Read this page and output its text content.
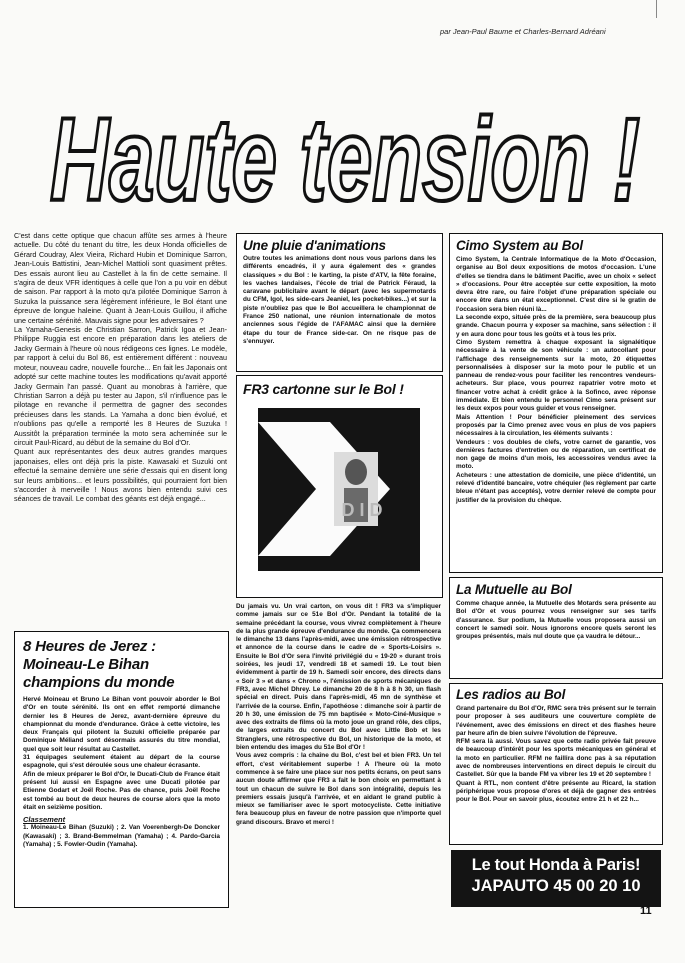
par Jean-Paul Baume et Charles-Bernard Adréani
Haute tension !

C'est dans cette optique que chacun affûte ses armes à l'heure actuelle. Du côté du tenant du titre, les deux Honda officielles de Gérard Coudray, Alex Vieira, Richard Hubin et Dominique Sarron, Jean-Louis Battistini, Jean-Michel Mattioli sont quasiment prêtes. Des essais auront lieu au Castellet à la fin de cette semaine. Il s'agira de deux VFR identiques à celle que l'on a pu voir en début de saison. Par rapport à la moto qu'a pilotée Dominique Sarron à Suzuka la puissance sera légèrement inférieure, le Bol étant une épreuve de longue haleine. Quant à Jean-Louis Guillou, il affiche une certaine sérénité. Mauvais signe pour les adversaires ?

La Yamaha-Genesis de Christian Sarron, Patrick Igoa et Jean-Philippe Ruggia est encore en préparation dans les ateliers de Jacky Germain à l'heure où nous rédigeons ces lignes. Le modèle, par rapport à celui du Bol 86, est entièrement différent : nouveau moteur, nouveau cadre, nouvelle fourche... En fait les Japonais ont adopté sur cette machine toutes les modifications qu'avait apporté Jacky Germain l'an passé. Quant au monobras à l'arrière, que Christian Sarron a déjà pu tester au Japon, s'il n'influence pas le pilotage en revanche il permettra de gagner des secondes précieuses dans les stands. La Yamaha a donc bien évolué, et n'oublions pas qu'elle a remporté les 8 Heures de Suzuka ! Aussitôt la préparation terminée la moto sera acheminée sur le circuit Paul-Ricard, au début de la semaine du Bol d'Or.

Quant aux représentantes des deux autres grandes marques japonaises, elles ont déjà pris la piste. Kawasaki et Suzuki ont effectué la semaine dernière une série d'essais qui en disent long sur leurs ambitions... et leurs possibilités, qui pourraient fort bien s'accorder à merveille ! Nous avons bien entendu suivi ces séances de travail. Le combat des géants est déjà engagé...

Une pluie d'animations

Outre toutes les animations dont nous vous parlons dans les différents encadrés, il y aura également des « grandes classiques » du Bol : le karting, la piste d'ATV, la fête foraine, les vaches landaises, l'école de trial de Patrick Féraud, la caravane publicitaire avant le départ (avec les supermotards du CFM, Igol, les side-cars Jeaniel, les pocket-bikes...) et sur la piste n'oubliez pas que le Bol accueillera le championnat de France 250 national, une réunion internationale de motos anciennes sous l'égide de l'AFAMAC ainsi que la dernière étape du tour de France side-car. On ne risque pas de s'ennuyer.

FR3 cartonne sur le Bol !
D I D

Du jamais vu. Un vrai carton, on vous dit ! FR3 va s'impliquer comme jamais sur ce 51e Bol d'Or. Pendant la totalité de la semaine précédant la course, vous vivrez complètement à l'heure de la plus grande épreuve d'endurance du monde. Ça commencera le dimanche 13 dans l'après-midi, avec une émission rétrospective et annonce de la course dans le cadre de « Sports-Loisirs ». Ensuite le Bol d'Or sera l'invité privilégié du « 19-20 » durant trois soirées, les jeudi 17, vendredi 18 et samedi 19. Le tout bien évidemment à partir de 19 h. Samedi soir encore, des directs dans « Soir 3 » et dans « Chrono », l'émission de sports mécaniques de FR3, avec Michel Dhrey. Le dimanche 20 de 8 h à 8 h 30, un flash spécial en direct. Puis dans l'après-midi, 45 mn de synthèse et l'arrivée de la course. Enfin, l'apothéose : dimanche soir à partir de 20 h 30, une émission de 75 mn baptisée « Moto-Ciné-Musique » avec des extraits de films où la moto joue un grand rôle, des clips, de larges extraits du concert du Bol avec Little Bob et les Stranglers, une rétrospective du Bol, un historique de la moto, et bien entendu des images du 51e Bol d'Or !

Vous avez compris : la chaîne du Bol, c'est bel et bien FR3. Un tel effort, c'est véritablement superbe ! A l'heure où la moto commence à se faire une place sur nos petits écrans, on peut sans aucun doute affirmer que FR3 a fait le bon choix en permettant à tout un chacun de suivre le Bol dans son intégralité, depuis les premiers essais jusqu'à l'arrivée, et en aidant le grand public à mieux se familiariser avec le sport motocycliste. Cette initiative fera beaucoup plus en faveur de notre passion que n'importe quel grand discours. Bravo et merci !

Cimo System au Bol

Cimo System, la Centrale Informatique de la Moto d'Occasion, organise au Bol deux expositions de motos d'occasion. L'une d'elles se tiendra dans le bâtiment Pacific, avec un choix « select » d'occasions. Pour être acceptée sur cette exposition, la moto devra être rare, ou faire l'objet d'une préparation spéciale ou encore être dans un état exceptionnel. C'est dire si le gratin de l'occasion sera bien réuni là...

La seconde expo, située près de la première, sera beaucoup plus grande. Chacun pourra y exposer sa machine, sans sélection : il y en aura donc pour tous les goûts et à tous les prix.

Cimo System remettra à chaque exposant la signalétique nécessaire à la vente de son véhicule : un autocollant pour l'affichage des renseignements sur la moto, 20 étiquettes personnalisées à disposer sur la moto pour le public et un panneau de rendez-vous pour faciliter les rencontres vendeurs-acheteurs. Sur place, vous pourrez rapatrier votre moto et financer votre achat à crédit grâce à la Sofinco, avec réponse immédiate. Et bien entendu le personnel Cimo sera présent sur les deux expos pour vous guider et vous renseigner.

Mais Attention ! Pour bénéficier pleinement des services proposés par la Cimo prenez avec vous en plus de vos papiers nécessaires à la circulation, les éléments suivants :

Vendeurs : vos doubles de clefs, votre carnet de garantie, vos dernières factures d'entretien ou de réparation, un certificat de non gage de moins d'un mois, les accessoires vendus avec la moto.

Acheteurs : une attestation de domicile, une pièce d'identité, un relevé d'identité bancaire, votre chéquier (les règlement par carte bleue n'étant pas acceptés), votre dernier relevé de compte pour justifier de la provision du chèque.

La Mutuelle au Bol

Comme chaque année, la Mutuelle des Motards sera présente au Bol d'Or et vous pourrez vous renseigner sur ses tarifs d'assurance. Sur podium, la Mutuelle vous proposera aussi un concert le samedi soir. Nous ignorons encore quels seront les groupes présentés, mais nul doute que ça vaudra le détour...

Les radios au Bol

Grand partenaire du Bol d'Or, RMC sera très présent sur le terrain pour proposer à ses auditeurs une couverture complète de l'événement, avec des émissions en direct et des flashes heure par heure afin de bien suivre l'évolution de l'épreuve.

RFM sera là aussi. Vous savez que cette radio privée fait preuve de beaucoup d'intérêt pour les sports mécaniques en général et la moto en particulier. RFM ne faillira donc pas à sa réputation avec de nombreuses interventions en direct depuis le circuit du Castellet. Sûr que la bande FM va vibrer les 19 et 20 septembre !

Quant à RTL, non content d'être présente au Ricard, la station périphérique vous propose d'ores et déjà de gagner des entrées pour le Bol. Pour en savoir plus, écoutez entre 21 h et 22 h...

8 Heures de Jerez : Moineau-Le Bihan champions du monde

Hervé Moineau et Bruno Le Bihan vont pouvoir aborder le Bol d'Or en toute sérénité. Ils ont en effet remporté dimanche dernier les 8 Heures de Jerez, avant-dernière épreuve du championnat du monde d'endurance. Grâce à cette victoire, les deux Français qui pilotent la Suzuki officielle préparée par Dominique Méliand sont désormais assurés du titre mondial, quel que soit leur résultat au Castellet.

31 équipages seulement étaient au départ de la course espagnole, qui s'est déroulée sous une chaleur écrasante.

Afin de mieux préparer le Bol d'Or, le Ducati-Club de France était présent lui aussi en Espagne avec une Ducati pilotée par Etienne Godart et Joël Roche. Pas de chance, puis Joël Roche est tombé au bout de deux heures de course alors que la moto était en seizième position.

Classement

1. Moineau-Le Bihan (Suzuki) ; 2. Van Voerenbergh-De Doncker (Kawasaki) ; 3. Brand-Bemmelman (Yamaha) ; 4. Pardo-Garcia (Yamaha) ; 5. Fowler-Oudin (Yamaha).

Le tout Honda à Paris!
JAPAUTO 45 00 20 10
11
